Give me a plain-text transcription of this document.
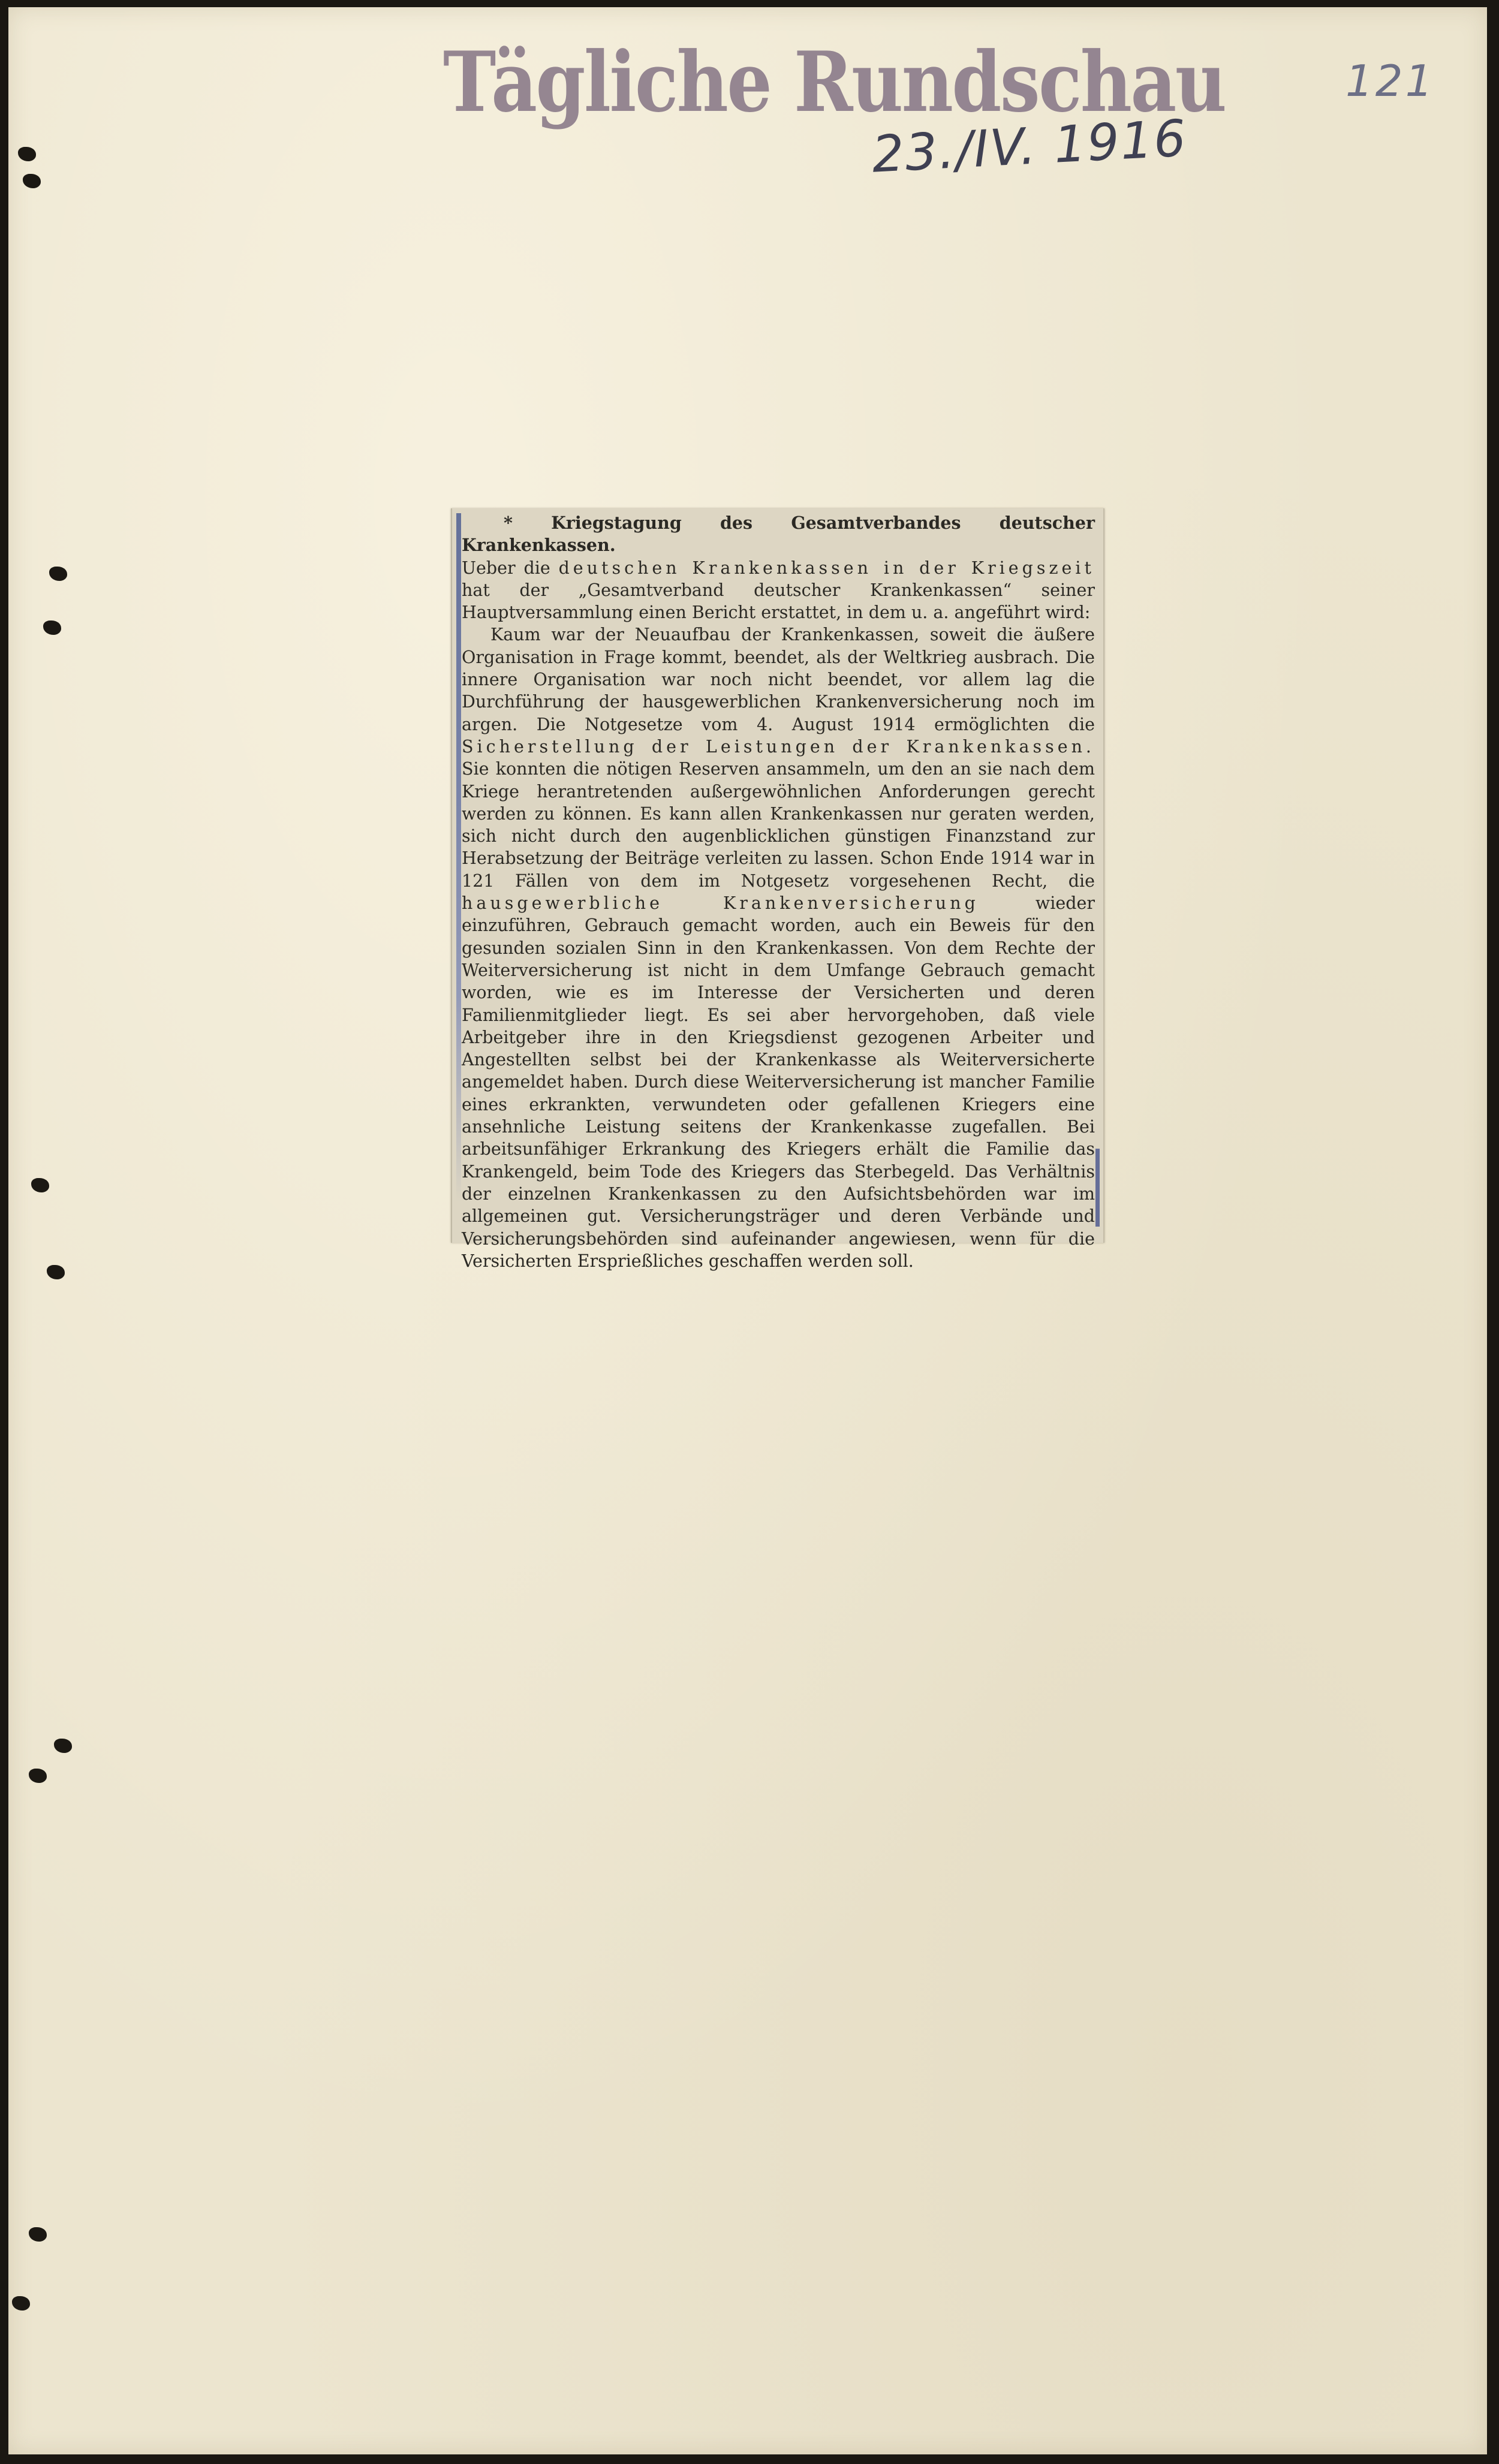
Tägliche Rundschau
23./IV. 1916
121

* Kriegstagung des Gesamtverbandes deutscher Krankenkassen.

Ueber die deutschen Krankenkassen in der Kriegszeit hat der „Gesamtverband deutscher Krankenkassen“ seiner Hauptversammlung einen Bericht erstattet, in dem u. a. angeführt wird:

Kaum war der Neuaufbau der Krankenkassen, soweit die äußere Organisation in Frage kommt, beendet, als der Weltkrieg ausbrach. Die innere Organisation war noch nicht beendet, vor allem lag die Durchführung der hausgewerblichen Krankenversicherung noch im argen. Die Notgesetze vom 4. August 1914 ermöglichten die Sicherstellung der Leistungen der Krankenkassen. Sie konnten die nötigen Reserven ansammeln, um den an sie nach dem Kriege herantretenden außergewöhnlichen Anforderungen gerecht werden zu können. Es kann allen Krankenkassen nur geraten werden, sich nicht durch den augenblicklichen günstigen Finanzstand zur Herabsetzung der Beiträge verleiten zu lassen. Schon Ende 1914 war in 121 Fällen von dem im Notgesetz vorgesehenen Recht, die hausgewerbliche Krankenversicherung wieder einzuführen, Gebrauch gemacht worden, auch ein Beweis für den gesunden sozialen Sinn in den Krankenkassen. Von dem Rechte der Weiterversicherung ist nicht in dem Umfange Gebrauch gemacht worden, wie es im Interesse der Versicherten und deren Familienmitglieder liegt. Es sei aber hervorgehoben, daß viele Arbeitgeber ihre in den Kriegsdienst gezogenen Arbeiter und Angestellten selbst bei der Krankenkasse als Weiterversicherte angemeldet haben. Durch diese Weiterversicherung ist mancher Familie eines erkrankten, verwundeten oder gefallenen Kriegers eine ansehnliche Leistung seitens der Krankenkasse zugefallen. Bei arbeitsunfähiger Erkrankung des Kriegers erhält die Familie das Krankengeld, beim Tode des Kriegers das Sterbegeld. Das Verhältnis der einzelnen Krankenkassen zu den Aufsichtsbehörden war im allgemeinen gut. Versicherungsträger und deren Verbände und Versicherungsbehörden sind aufeinander angewiesen, wenn für die Versicherten Ersprießliches geschaffen werden soll.
